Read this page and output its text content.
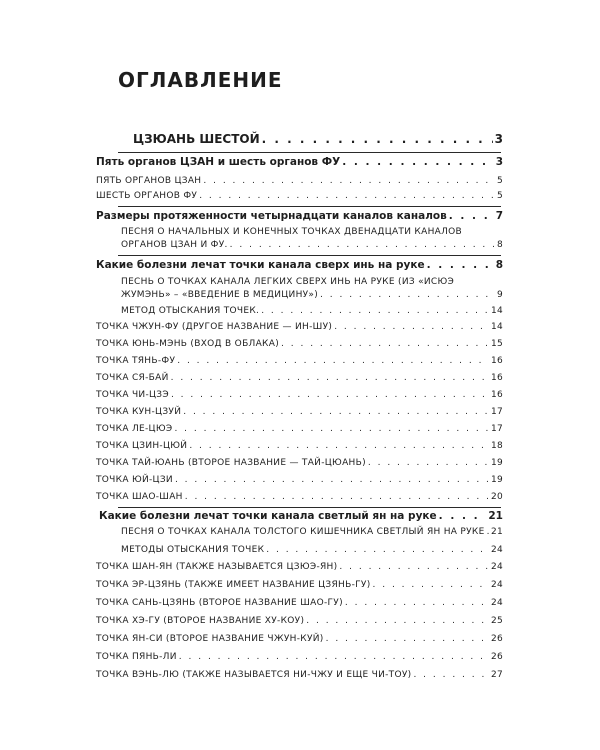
ОГЛАВЛЕНИЕ
ЦЗЮАНЬ ШЕСТОЙ . . .	3
Пять органов ЦЗАН и шесть органов ФУ . . .	3
ПЯТЬ ОРГАНОВ ЦЗАН . . .	5
ШЕСТЬ ОРГАНОВ ФУ . . .	5
Размеры протяженности четырнадцати каналов каналов . . .	7
ПЕСНЯ О НАЧАЛЬНЫХ И КОНЕЧНЫХ ТОЧКАХ ДВЕНАДЦАТИ КАНАЛОВ
ОРГАНОВ ЦЗАН И ФУ. . . .	8
Какие болезни лечат точки канала сверх инь на руке . . .	8
ПЕСНЬ О ТОЧКАХ КАНАЛА ЛЕГКИХ СВЕРХ ИНЬ НА РУКЕ (ИЗ «ИСЮЭ
ЖУМЭНЬ» – «ВВЕДЕНИЕ В МЕДИЦИНУ») . . .	9
МЕТОД ОТЫСКАНИЯ ТОЧЕК. . . .	14
ТОЧКА ЧЖУН-ФУ (ДРУГОЕ НАЗВАНИЕ — ИН-ШУ) . . .	14
ТОЧКА ЮНЬ-МЭНЬ (ВХОД В ОБЛАКА) . . .	15
ТОЧКА ТЯНЬ-ФУ . . .	16
ТОЧКА СЯ-БАЙ . . .	16
ТОЧКА ЧИ-ЦЗЭ . . .	16
ТОЧКА КУН-ЦЗУЙ . . .	17
ТОЧКА ЛЕ-ЦЮЭ . . .	17
ТОЧКА ЦЗИН-ЦЮЙ . . .	18
ТОЧКА ТАЙ-ЮАНЬ (ВТОРОЕ НАЗВАНИЕ — ТАЙ-ЦЮАНЬ) . . .	19
ТОЧКА ЮЙ-ЦЗИ . . .	19
ТОЧКА ШАО-ШАН . . .	20
Какие болезни лечат точки канала светлый ян на руке . . .	21
ПЕСНЯ О ТОЧКАХ КАНАЛА ТОЛСТОГО КИШЕЧНИКА СВЕТЛЫЙ ЯН НА РУКЕ . . . 21
МЕТОДЫ ОТЫСКАНИЯ ТОЧЕК . . .	24
ТОЧКА ШАН-ЯН (ТАКЖЕ НАЗЫВАЕТСЯ ЦЗЮЭ-ЯН) . . .	24
ТОЧКА ЭР-ЦЗЯНЬ (ТАКЖЕ ИМЕЕТ НАЗВАНИЕ ЦЗЯНЬ-ГУ) . . .	24
ТОЧКА САНЬ-ЦЗЯНЬ (ВТОРОЕ НАЗВАНИЕ ШАО-ГУ) . . .	24
ТОЧКА ХЭ-ГУ (ВТОРОЕ НАЗВАНИЕ ХУ-КОУ) . . .	25
ТОЧКА ЯН-СИ (ВТОРОЕ НАЗВАНИЕ ЧЖУН-КУЙ) . . .	26
ТОЧКА ПЯНЬ-ЛИ . . .	26
ТОЧКА ВЭНЬ-ЛЮ (ТАКЖЕ НАЗЫВАЕТСЯ НИ-ЧЖУ И ЕЩЕ ЧИ-ТОУ) . . .	27
